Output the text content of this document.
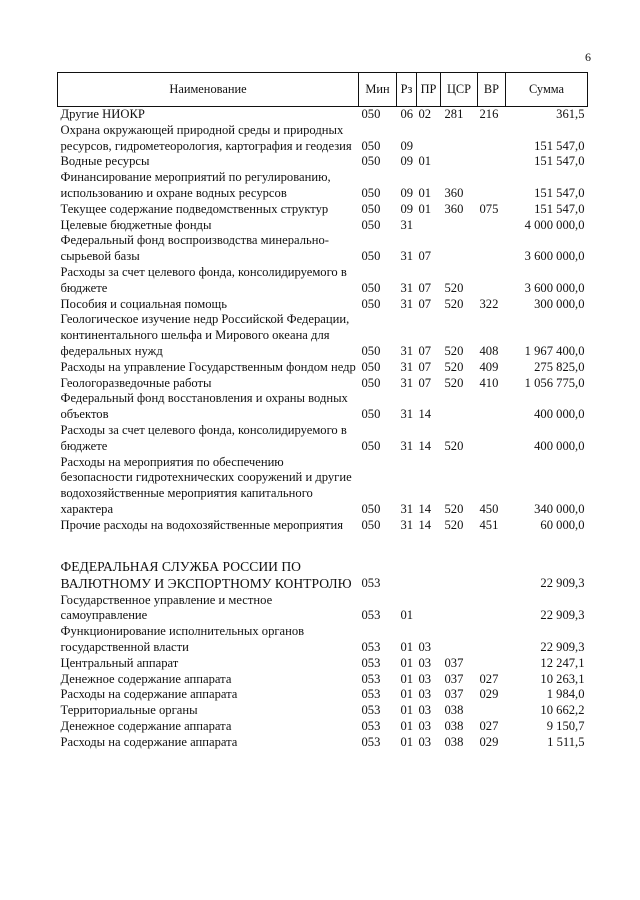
6
Наименование	Мин	Рз	ПР	ЦСР	ВР	Сумма
Другие НИОКР	050	06	02	281	216	361,5
Охрана окружающей природной среды и природных ресурсов, гидрометеорология, картография и геодезия	050	09				151 547,0
Водные ресурсы	050	09	01			151 547,0
Финансирование мероприятий по регулированию, использованию и охране водных ресурсов	050	09	01	360		151 547,0
Текущее содержание подведомственных структур	050	09	01	360	075	151 547,0
Целевые бюджетные фонды	050	31				4 000 000,0
Федеральный фонд воспроизводства минерально-сырьевой базы	050	31	07			3 600 000,0
Расходы за счет целевого фонда, консолидируемого в бюджете	050	31	07	520		3 600 000,0
Пособия и социальная помощь	050	31	07	520	322	300 000,0
Геологическое изучение недр Российской Федерации, континентального шельфа и Мирового океана для федеральных нужд	050	31	07	520	408	1 967 400,0
Расходы на управление Государственным фондом недр	050	31	07	520	409	275 825,0
Геологоразведочные работы	050	31	07	520	410	1 056 775,0
Федеральный фонд восстановления и охраны водных объектов	050	31	14			400 000,0
Расходы за счет целевого фонда, консолидируемого в бюджете	050	31	14	520		400 000,0
Расходы на мероприятия по обеспечению безопасности гидротехнических сооружений и другие водохозяйственные мероприятия капитального характера	050	31	14	520	450	340 000,0
Прочие расходы на водохозяйственные мероприятия	050	31	14	520	451	60 000,0
ФЕДЕРАЛЬНАЯ СЛУЖБА РОССИИ ПО ВАЛЮТНОМУ И ЭКСПОРТНОМУ КОНТРОЛЮ	053					22 909,3
Государственное управление и местное самоуправление	053	01				22 909,3
Функционирование исполнительных органов государственной власти	053	01	03			22 909,3
Центральный аппарат	053	01	03	037		12 247,1
Денежное содержание аппарата	053	01	03	037	027	10 263,1
Расходы на содержание аппарата	053	01	03	037	029	1 984,0
Территориальные органы	053	01	03	038		10 662,2
Денежное содержание аппарата	053	01	03	038	027	9 150,7
Расходы на содержание аппарата	053	01	03	038	029	1 511,5
